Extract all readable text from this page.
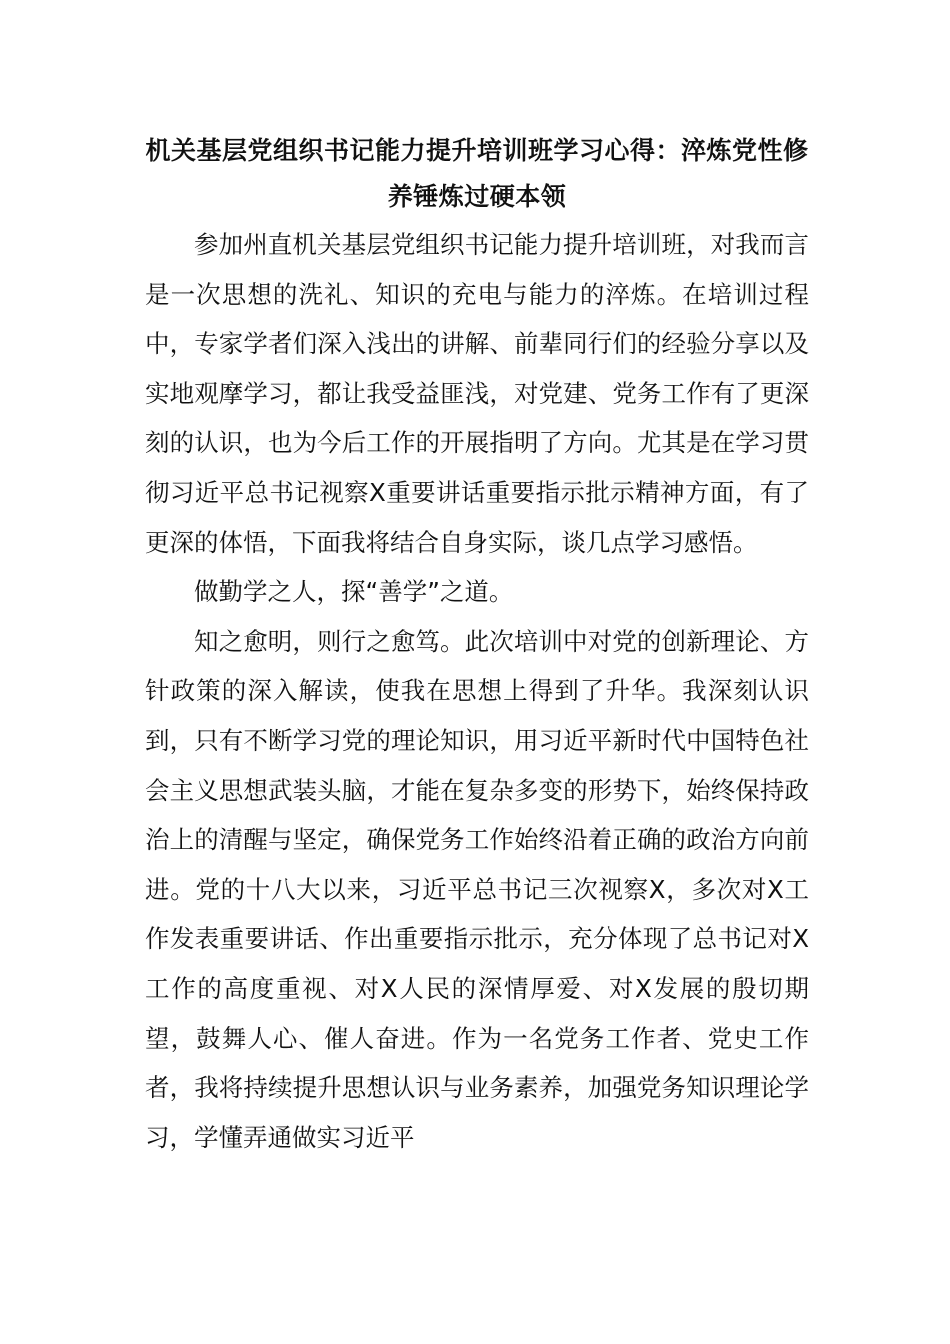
机关基层党组织书记能力提升培训班学习心得：淬炼党性修养锤炼过硬本领

参加州直机关基层党组织书记能力提升培训班，对我而言是一次思想的洗礼、知识的充电与能力的淬炼。在培训过程中，专家学者们深入浅出的讲解、前辈同行们的经验分享以及实地观摩学习，都让我受益匪浅，对党建、党务工作有了更深刻的认识，也为今后工作的开展指明了方向。尤其是在学习贯彻习近平总书记视察X重要讲话重要指示批示精神方面，有了更深的体悟，下面我将结合自身实际，谈几点学习感悟。

做勤学之人，探“善学”之道。

知之愈明，则行之愈笃。此次培训中对党的创新理论、方针政策的深入解读，使我在思想上得到了升华。我深刻认识到，只有不断学习党的理论知识，用习近平新时代中国特色社会主义思想武装头脑，才能在复杂多变的形势下，始终保持政治上的清醒与坚定，确保党务工作始终沿着正确的政治方向前进。党的十八大以来，习近平总书记三次视察X，多次对X工作发表重要讲话、作出重要指示批示，充分体现了总书记对X工作的高度重视、对X人民的深情厚爱、对X发展的殷切期望，鼓舞人心、催人奋进。作为一名党务工作者、党史工作者，我将持续提升思想认识与业务素养，加强党务知识理论学习，学懂弄通做实习近平
